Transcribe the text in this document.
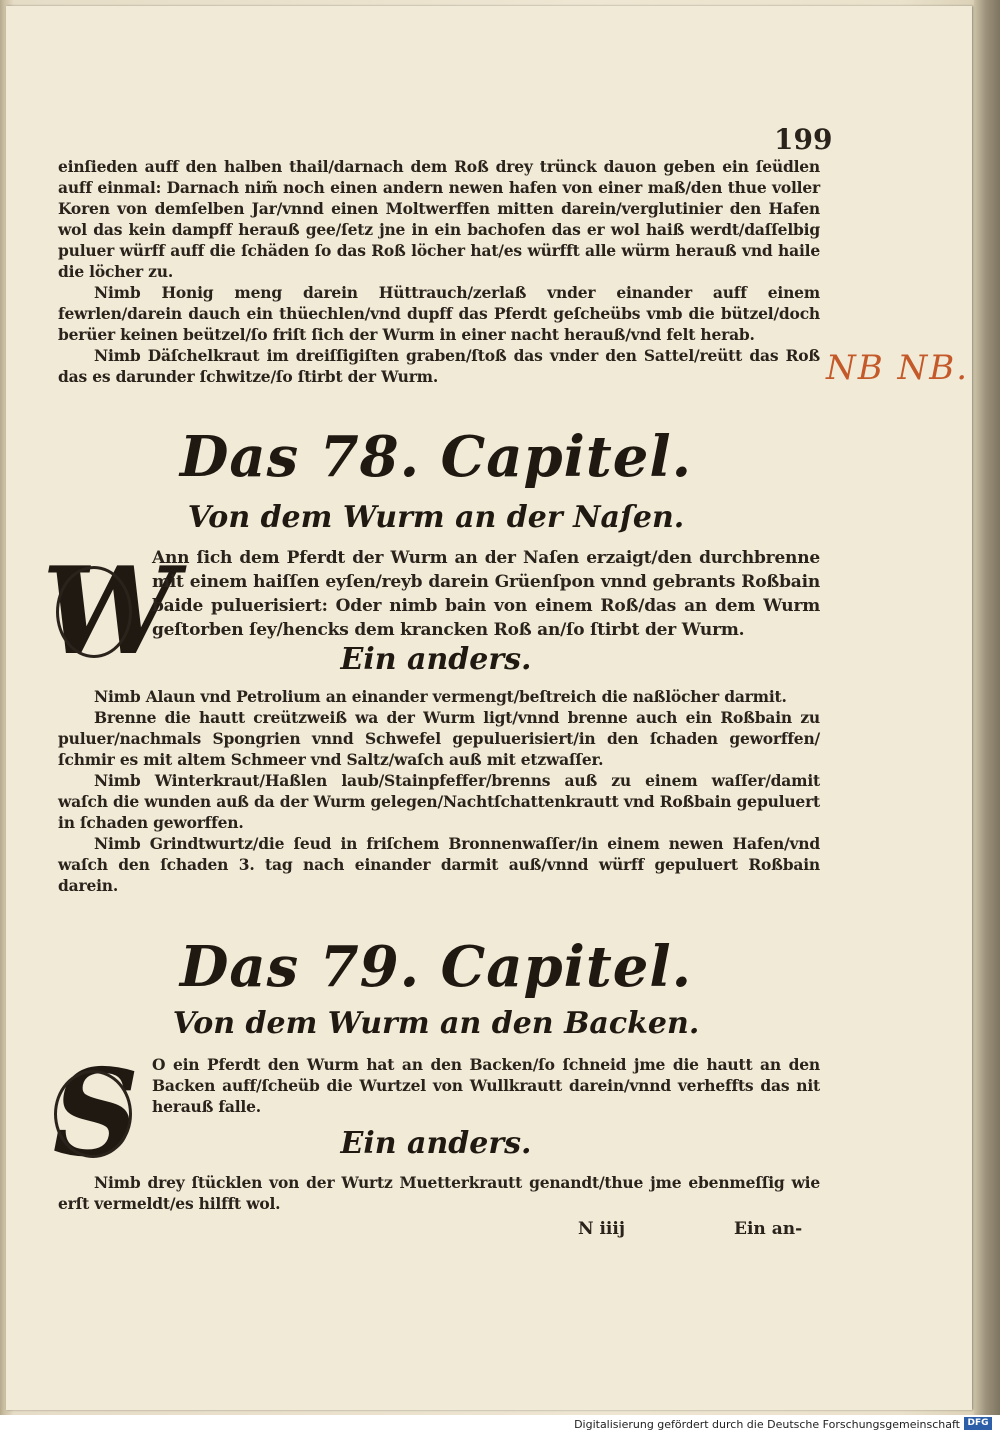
199

einſieden auff den halben thail/darnach dem Roß drey trünck dauon geben ein ſeüdlen auff einmal: Darnach nim̃ noch einen andern newen hafen von einer maß/den thue voller Koren von demſelben Jar/vnnd einen Moltwerffen mitten darein/verglutinier den Hafen wol das kein dampff herauß gee/ſetz jne in ein bachofen das er wol haiß werdt/daſſelbig puluer würff auff die ſchäden ſo das Roß löcher hat/es würfft alle würm herauß vnd haile die löcher zu.

Nimb Honig meng darein Hüttrauch/zerlaß vnder einander auff einem fewrlen/darein dauch ein thüechlen/vnd dupff das Pferdt geſcheübs vmb die bützel/doch berüer keinen beützel/ſo friſt ſich der Wurm in einer nacht herauß/vnd felt herab.

Nimb Däſchelkraut im dreiſſigiſten graben/ſtoß das vnder den Sattel/reütt das Roß das es darunder ſchwitze/ſo ſtirbt der Wurm.	NB NB.
Das 78. Capitel.
Von dem Wurm an der Naſen.
W

Ann ſich dem Pferdt der Wurm an der Naſen erzaigt/den durchbrenne mit einem haiſſen eyſen/reyb darein Grüenſpon vnnd gebrants Roßbain baide puluerisiert: Oder nimb bain von einem Roß/das an dem Wurm geſtorben ſey/hencks dem krancken Roß an/ſo ſtirbt der Wurm.

Ein anders.

Nimb Alaun vnd Petrolium an einander vermengt/beſtreich die naßlöcher darmit.

Brenne die hautt creützweiß wa der Wurm ligt/vnnd brenne auch ein Roßbain zu puluer/nachmals Spongrien vnnd Schwefel gepuluerisiert/in den ſchaden geworffen/ſchmir es mit altem Schmeer vnd Saltz/waſch auß mit etzwaſſer.

Nimb Winterkraut/Haßlen laub/Stainpfeffer/brenns auß zu einem waſſer/damit waſch die wunden auß da der Wurm gelegen/Nachtſchattenkrautt vnd Roßbain gepuluert in ſchaden geworffen.

Nimb Grindtwurtz/die ſeud in friſchem Bronnenwaſſer/in einem newen Hafen/vnd waſch den ſchaden 3. tag nach einander darmit auß/vnnd würff gepuluert Roßbain darein.

Das 79. Capitel.
Von dem Wurm an den Backen.
S O ein Pferdt den Wurm hat an den Backen/ſo ſchneid jme die hautt an den Backen auff/ſcheüb die Wurtzel von Wullkrautt darein/vnnd verheffts das nit herauß falle.

Ein anders.

Nimb drey ſtücklen von der Wurtz Muetterkrautt genandt/thue jme ebenmeſſig wie erſt vermeldt/es hilfft wol.

N iiij	Ein an-
Digitalisierung gefördert durch die Deutsche Forschungsgemeinschaft DFG
